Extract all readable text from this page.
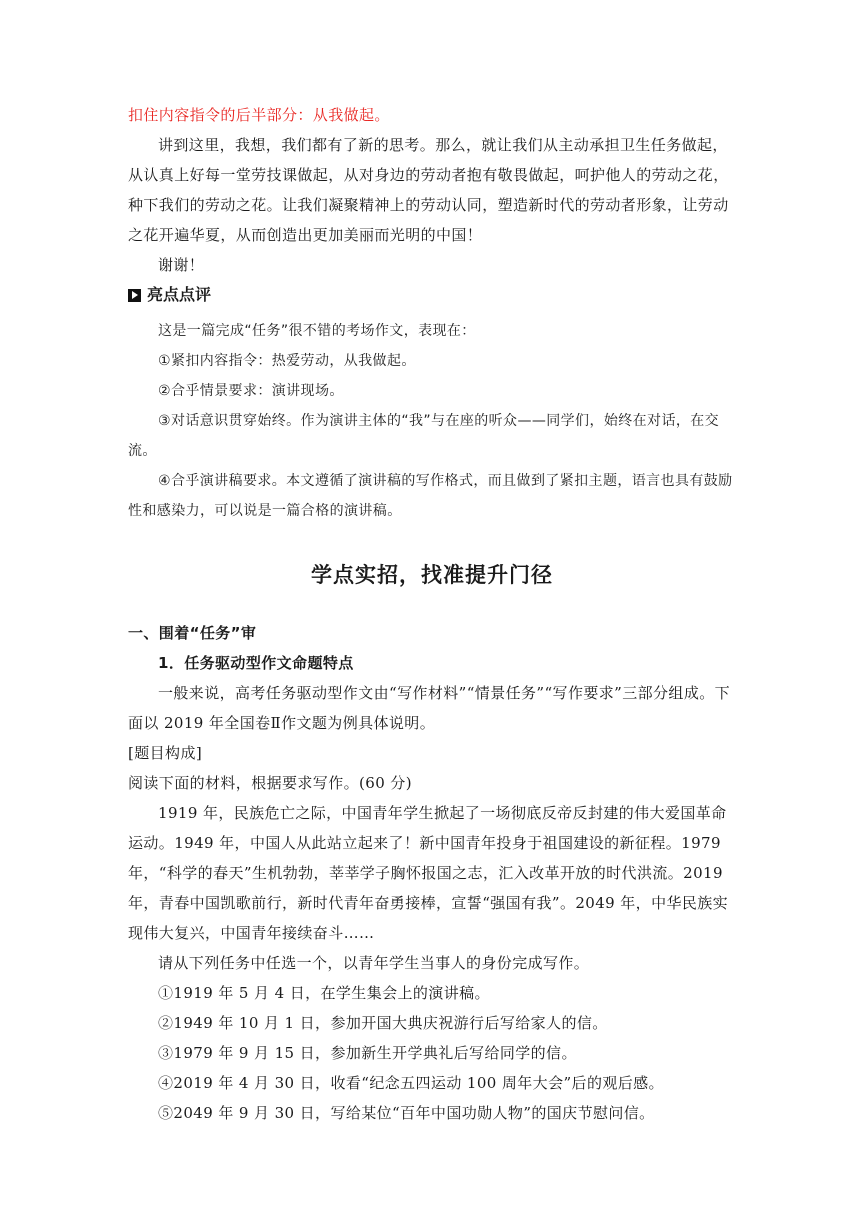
扣住内容指令的后半部分：从我做起。

讲到这里，我想，我们都有了新的思考。那么，就让我们从主动承担卫生任务做起，从认真上好每一堂劳技课做起，从对身边的劳动者抱有敬畏做起，呵护他人的劳动之花，种下我们的劳动之花。让我们凝聚精神上的劳动认同，塑造新时代的劳动者形象，让劳动之花开遍华夏，从而创造出更加美丽而光明的中国！

谢谢！

亮点点评

这是一篇完成“任务”很不错的考场作文，表现在：

①紧扣内容指令：热爱劳动，从我做起。

②合乎情景要求：演讲现场。

③对话意识贯穿始终。作为演讲主体的“我”与在座的听众——同学们，始终在对话，在交流。

④合乎演讲稿要求。本文遵循了演讲稿的写作格式，而且做到了紧扣主题，语言也具有鼓励性和感染力，可以说是一篇合格的演讲稿。

学点实招，找准提升门径

一、围着“任务”审

1．任务驱动型作文命题特点

一般来说，高考任务驱动型作文由“写作材料”“情景任务”“写作要求”三部分组成。下面以 2019 年全国卷Ⅱ作文题为例具体说明。

[题目构成]

阅读下面的材料，根据要求写作。(60 分)

1919 年，民族危亡之际，中国青年学生掀起了一场彻底反帝反封建的伟大爱国革命运动。1949 年，中国人从此站立起来了！新中国青年投身于祖国建设的新征程。1979 年，“科学的春天”生机勃勃，莘莘学子胸怀报国之志，汇入改革开放的时代洪流。2019 年，青春中国凯歌前行，新时代青年奋勇接棒，宣誓“强国有我”。2049 年，中华民族实现伟大复兴，中国青年接续奋斗……

请从下列任务中任选一个，以青年学生当事人的身份完成写作。

①1919 年 5 月 4 日，在学生集会上的演讲稿。

②1949 年 10 月 1 日，参加开国大典庆祝游行后写给家人的信。

③1979 年 9 月 15 日，参加新生开学典礼后写给同学的信。

④2019 年 4 月 30 日，收看“纪念五四运动 100 周年大会”后的观后感。

⑤2049 年 9 月 30 日，写给某位“百年中国功勋人物”的国庆节慰问信。
